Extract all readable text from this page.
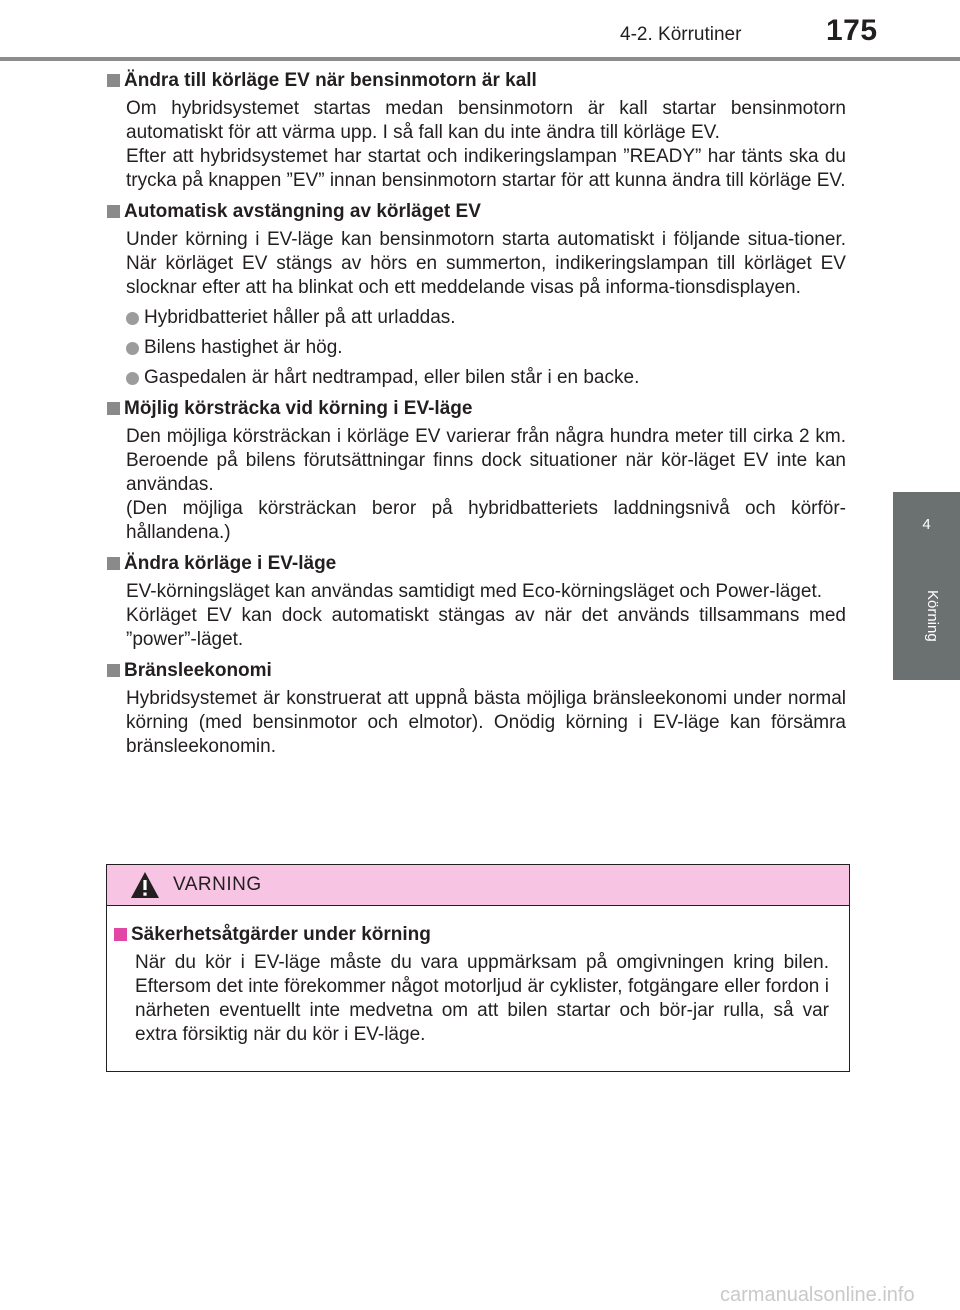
4-2. Körrutiner	175
4
Körning
Ändra till körläge EV när bensinmotorn är kall

Om hybridsystemet startas medan bensinmotorn är kall startar bensinmotorn automatiskt för att värma upp. I så fall kan du inte ändra till körläge EV.

Efter att hybridsystemet har startat och indikeringslampan ”READY” har tänts ska du trycka på knappen ”EV” innan bensinmotorn startar för att kunna ändra till körläge EV.

Automatisk avstängning av körläget EV

Under körning i EV-läge kan bensinmotorn starta automatiskt i följande situa-tioner. När körläget EV stängs av hörs en summerton, indikeringslampan till körläget EV slocknar efter att ha blinkat och ett meddelande visas på informa-tionsdisplayen.

Hybridbatteriet håller på att urladdas.
Bilens hastighet är hög.
Gaspedalen är hårt nedtrampad, eller bilen står i en backe.
Möjlig körsträcka vid körning i EV-läge

Den möjliga körsträckan i körläge EV varierar från några hundra meter till cirka 2 km. Beroende på bilens förutsättningar finns dock situationer när kör-läget EV inte kan användas.

(Den möjliga körsträckan beror på hybridbatteriets laddningsnivå och körför-hållandena.)

Ändra körläge i EV-läge

EV-körningsläget kan användas samtidigt med Eco-körningsläget och Power-läget.

Körläget EV kan dock automatiskt stängas av när det används tillsammans med ”power”-läget.

Bränsleekonomi

Hybridsystemet är konstruerat att uppnå bästa möjliga bränsleekonomi under normal körning (med bensinmotor och elmotor). Onödig körning i EV-läge kan försämra bränsleekonomin.

VARNING
Säkerhetsåtgärder under körning

När du kör i EV-läge måste du vara uppmärksam på omgivningen kring bilen. Eftersom det inte förekommer något motorljud är cyklister, fotgängare eller fordon i närheten eventuellt inte medvetna om att bilen startar och bör-jar rulla, så var extra försiktig när du kör i EV-läge.

carmanualsonline.info
